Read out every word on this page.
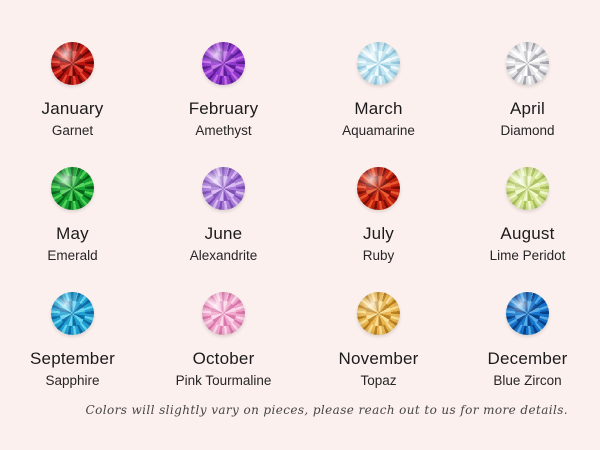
January
Garnet
February
Amethyst
March
Aquamarine
April
Diamond
May
Emerald
June
Alexandrite
July
Ruby
August
Lime Peridot
September
Sapphire
October
Pink Tourmaline
November
Topaz
December
Blue Zircon
Colors will slightly vary on pieces, please reach out to us for more details.
